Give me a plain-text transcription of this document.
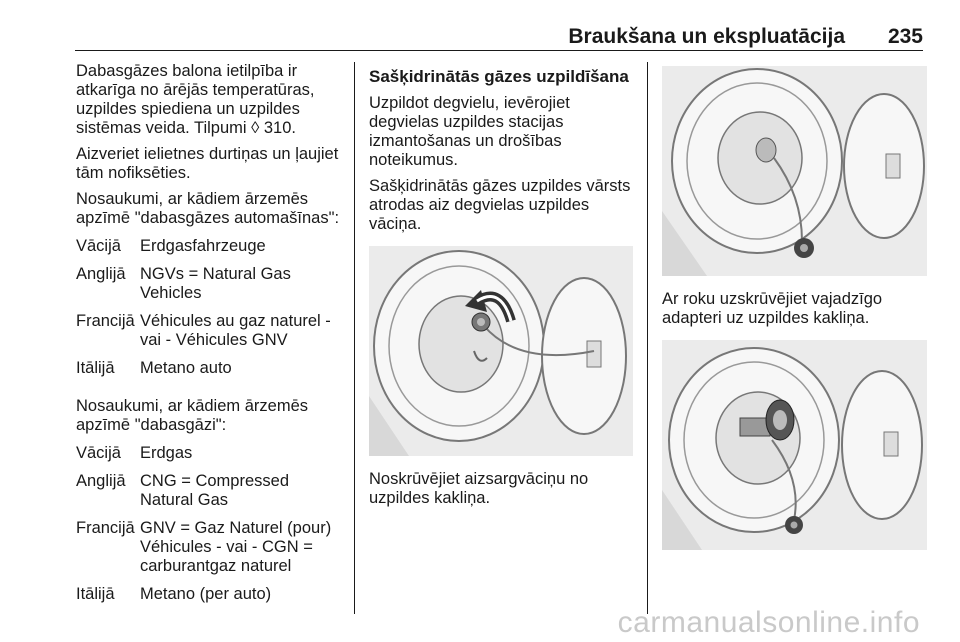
Braukšana un ekspluatācija 235

Dabasgāzes balona ietilpība ir atkarīga no ārējās temperatūras, uzpildes spiediena un uzpildes sistēmas veida. Tilpumi ◊ 310.

Aizveriet ielietnes durtiņas un ļaujiet tām nofiksēties.

Nosaukumi, ar kādiem ārzemēs apzīmē "dabasgāzes automašīnas":

Vācijā	Erdgasfahrzeuge
Anglijā NGVs = Natural Gas Vehicles
Francijā Véhicules au gaz naturel - vai - Véhicules GNV
Itālijā	Metano auto

Nosaukumi, ar kādiem ārzemēs apzīmē "dabasgāzi":

Vācijā	Erdgas
Anglijā CNG = Compressed Natural Gas
Francijā GNV = Gaz Naturel (pour) Véhicules - vai - CGN = carburantgaz naturel
Itālijā	Metano (per auto)
Sašķidrinātās gāzes uzpildīšana

Uzpildot degvielu, ievērojiet degvielas uzpildes stacijas izmantošanas un drošības noteikumus.

Sašķidrinātās gāzes uzpildes vārsts atrodas aiz degvielas uzpildes vāciņa.

Noskrūvējiet aizsargvāciņu no uzpildes kakliņa.

Ar roku uzskrūvējiet vajadzīgo adapteri uz uzpildes kakliņa.

carmanualsonline.info
